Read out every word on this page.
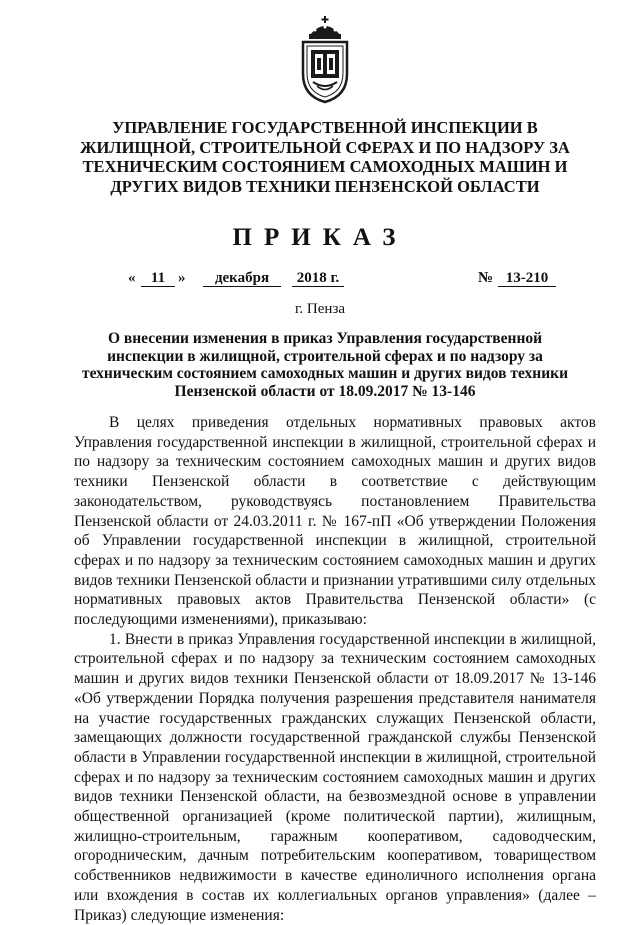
УПРАВЛЕНИЕ ГОСУДАРСТВЕННОЙ ИНСПЕКЦИИ В ЖИЛИЩНОЙ, СТРОИТЕЛЬНОЙ СФЕРАХ И ПО НАДЗОРУ ЗА ТЕХНИЧЕСКИМ СОСТОЯНИЕМ САМОХОДНЫХ МАШИН И ДРУГИХ ВИДОВ ТЕХНИКИ ПЕНЗЕНСКОЙ ОБЛАСТИ
ПРИКАЗ
«	11 »	декабря	2018 г.	№ 13-210
г. Пенза
О внесении изменения в приказ Управления государственной инспекции в жилищной, строительной сферах и по надзору за техническим состоянием самоходных машин и других видов техники Пензенской области от 18.09.2017 № 13-146

В целях приведения отдельных нормативных правовых актов Управления государственной инспекции в жилищной, строительной сферах и по надзору за техническим состоянием самоходных машин и других видов техники Пензенской области в соответствие с действующим законодательством, руководствуясь постановлением Правительства Пензенской области от 24.03.2011 г. № 167-пП «Об утверждении Положения об Управлении государственной инспекции в жилищной, строительной сферах и по надзору за техническим состоянием самоходных машин и других видов техники Пензенской области и признании утратившими силу отдельных нормативных правовых актов Правительства Пензенской области» (с последующими изменениями), приказываю:

1. Внести в приказ Управления государственной инспекции в жилищной, строительной сферах и по надзору за техническим состоянием самоходных машин и других видов техники Пензенской области от 18.09.2017 № 13-146 «Об утверждении Порядка получения разрешения представителя нанимателя на участие государственных гражданских служащих Пензенской области, замещающих должности государственной гражданской службы Пензенской области в Управлении государственной инспекции в жилищной, строительной сферах и по надзору за техническим состоянием самоходных машин и других видов техники Пензенской области, на безвозмездной основе в управлении общественной организацией (кроме политической партии), жилищным, жилищно-строительным, гаражным кооперативом, садоводческим, огородническим, дачным потребительским кооперативом, товариществом собственников недвижимости в качестве единоличного исполнения органа или вхождения в состав их коллегиальных органов управления» (далее – Приказ) следующие изменения:
